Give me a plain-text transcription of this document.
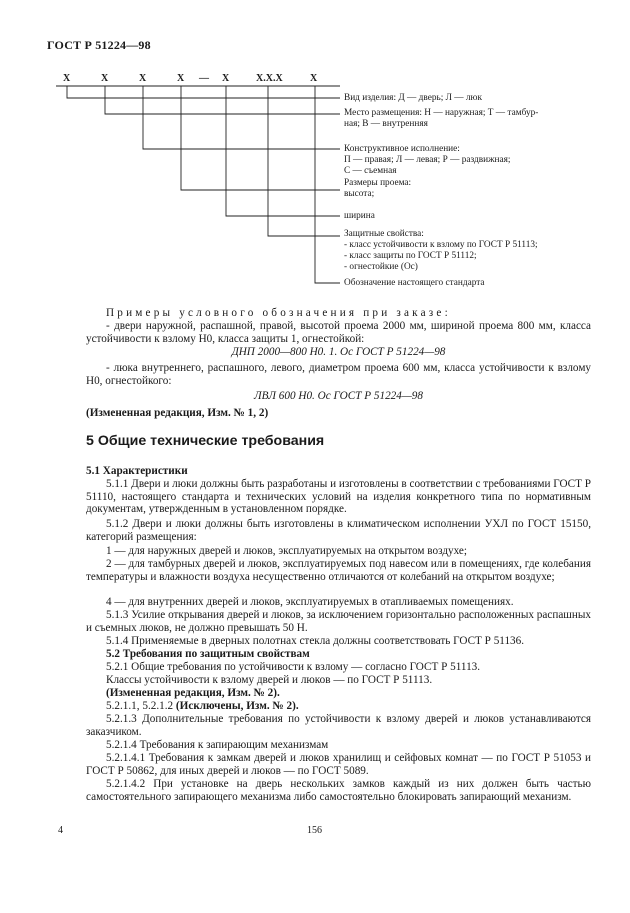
ГОСТ Р 51224—98
Х	Х	Х	Х — Х	Х.Х.Х	Х
Вид изделия: Д — дверь; Л — люк
Место размещения: Н — наружная; Т — тамбур-
ная; В — внутренняя
Конструктивное исполнение:
П — правая; Л — левая; Р — раздвижная;
С — съемная
Размеры проема:
высота;
ширина
Защитные свойства:
- класс устойчивости к взлому по ГОСТ Р 51113;
- класс защиты по ГОСТ Р 51112;
- огнестойкие (Ос)
Обозначение настоящего стандарта
Примеры условного обозначения при заказе:
- двери наружной, распашной, правой, высотой проема 2000 мм, шириной проема 800 мм, класса устойчивости к взлому Н0, класса защиты 1, огнестойкой:
ДНП 2000—800 Н0. 1. Ос ГОСТ Р 51224—98
- люка внутреннего, распашного, левого, диаметром проема 600 мм, класса устойчивости к взлому Н0, огнестойкого:
ЛВЛ 600 Н0. Ос ГОСТ Р 51224—98
(Измененная редакция, Изм. № 1, 2)
5 Общие технические требования
5.1 Характеристики
5.1.1 Двери и люки должны быть разработаны и изготовлены в соответствии с требованиями ГОСТ Р 51110, настоящего стандарта и технических условий на изделия конкретного типа по нормативным документам, утвержденным в установленном порядке.
5.1.2 Двери и люки должны быть изготовлены в климатическом исполнении УХЛ по ГОСТ 15150, категорий размещения:
1 — для наружных дверей и люков, эксплуатируемых на открытом воздухе;
2 — для тамбурных дверей и люков, эксплуатируемых под навесом или в помещениях, где колебания температуры и влажности воздуха несущественно отличаются от колебаний на открытом воздухе;
4 — для внутренних дверей и люков, эксплуатируемых в отапливаемых помещениях.
5.1.3 Усилие открывания дверей и люков, за исключением горизонтально расположенных распашных и съемных люков, не должно превышать 50 Н.
5.1.4 Применяемые в дверных полотнах стекла должны соответствовать ГОСТ Р 51136.
5.2 Требования по защитным свойствам
5.2.1 Общие требования по устойчивости к взлому — согласно ГОСТ Р 51113.
Классы устойчивости к взлому дверей и люков — по ГОСТ Р 51113.
(Измененная редакция, Изм. № 2).
5.2.1.1, 5.2.1.2 (Исключены, Изм. № 2).
5.2.1.3 Дополнительные требования по устойчивости к взлому дверей и люков устанавливаются заказчиком.
5.2.1.4 Требования к запирающим механизмам
5.2.1.4.1 Требования к замкам дверей и люков хранилищ и сейфовых комнат — по ГОСТ Р 51053 и ГОСТ Р 50862, для иных дверей и люков — по ГОСТ 5089.
5.2.1.4.2 При установке на дверь нескольких замков каждый из них должен быть частью самостоятельного запирающего механизма либо самостоятельно блокировать запирающий механизм.
4	156
